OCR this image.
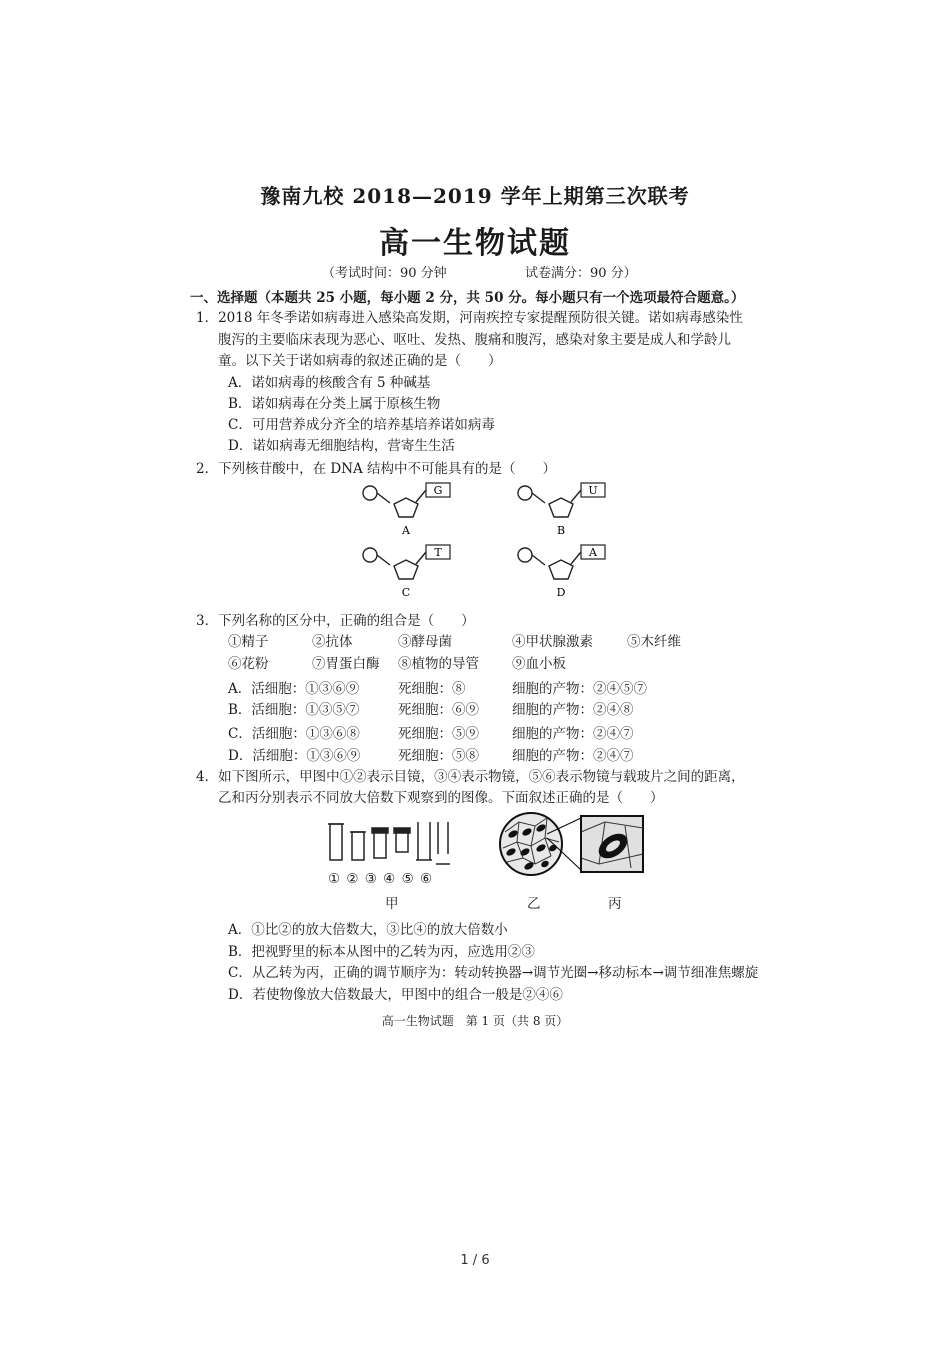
豫南九校 2018—2019 学年上期第三次联考
高一生物试题
（考试时间：90 分钟	试卷满分：90 分）
一、选择题（本题共 25 小题，每小题 2 分，共 50 分。每小题只有一个选项最符合题意。）
1．2018 年冬季诺如病毒进入感染高发期，河南疾控专家提醒预防很关键。诺如病毒感染性
腹泻的主要临床表现为恶心、呕吐、发热、腹痛和腹泻，感染对象主要是成人和学龄儿
童。以下关于诺如病毒的叙述正确的是（　　）
A．诺如病毒的核酸含有 5 种碱基
B．诺如病毒在分类上属于原核生物
C．可用营养成分齐全的培养基培养诺如病毒
D．诺如病毒无细胞结构，营寄生生活
2．下列核苷酸中，在 DNA 结构中不可能具有的是（　　）
G
A
U
B
T
C
A
D
3．下列名称的区分中，正确的组合是（　　）
①精子	②抗体	③酵母菌	④甲状腺激素	⑤木纤维
⑥花粉	⑦胃蛋白酶 ⑧植物的导管 ⑨血小板
A．活细胞：①③⑥⑨	死细胞：⑧	细胞的产物：②④⑤⑦
B．活细胞：①③⑤⑦	死细胞：⑥⑨ 细胞的产物：②④⑧
C．活细胞：①③⑥⑧	死细胞：⑤⑨ 细胞的产物：②④⑦
D．活细胞：①③⑥⑨	死细胞：⑤⑧ 细胞的产物：②④⑦
4．如下图所示，甲图中①②表示目镜，③④表示物镜，⑤⑥表示物镜与载玻片之间的距离，
乙和丙分别表示不同放大倍数下观察到的图像。下面叙述正确的是（　　）
① ② ③ ④ ⑤ ⑥
甲	乙	丙
A．①比②的放大倍数大，③比④的放大倍数小
B．把视野里的标本从图中的乙转为丙，应选用②③
C．从乙转为丙，正确的调节顺序为：转动转换器→调节光圈→移动标本→调节细准焦螺旋
D．若使物像放大倍数最大，甲图中的组合一般是②④⑥
高一生物试题　第 1 页（共 8 页）
1 / 6
